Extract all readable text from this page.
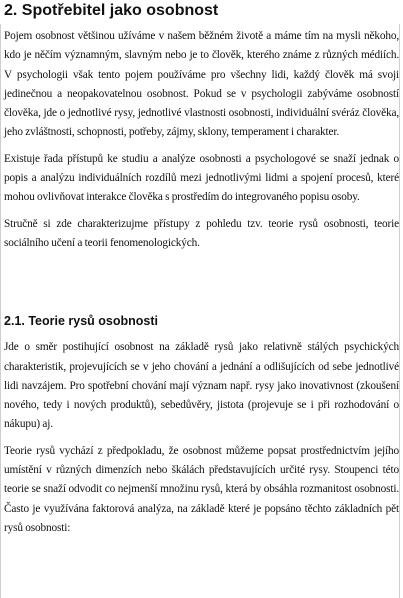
2. Spotřebitel jako osobnost

Pojem osobnost většinou užíváme v našem běžném životě a máme tím na mysli někoho, kdo je něčím významným, slavným nebo je to člověk, kterého známe z různých médiích. V psychologii však tento pojem používáme pro všechny lidi, každý člověk má svoji jedinečnou a neopakovatelnou osobnost. Pokud se v psychologii zabýváme osobností člověka, jde o jednotlivé rysy, jednotlivé vlastnosti osobnosti, individuální svéráz člověka, jeho zvláštnosti, schopnosti, potřeby, zájmy, sklony, temperament i charakter.

Existuje řada přístupů ke studiu a analýze osobnosti a psychologové se snaží jednak o popis a analýzu individuálních rozdílů mezi jednotlivými lidmi a spojení procesů, které mohou ovlivňovat interakce člověka s prostředím do integrovaného popisu osoby.

Stručně si zde charakterizujme přístupy z pohledu tzv. teorie rysů osobnosti, teorie sociálního učení a teorii fenomenologických.

2.1. Teorie rysů osobnosti

Jde o směr postihující osobnost na základě rysů jako relativně stálých psychických charakteristik, projevujících se v jeho chování a jednání a odlišujících od sebe jednotlivé lidi navzájem. Pro spotřební chování mají význam např. rysy jako inovativnost (zkoušení nového, tedy i nových produktů), sebedůvěry, jistota (projevuje se i při rozhodování o nákupu) aj.

Teorie rysů vychází z předpokladu, že osobnost můžeme popsat prostřednictvím jejího umístění v různých dimenzích nebo škálách představujících určité rysy. Stoupenci této teorie se snaží odvodit co nejmenší množinu rysů, která by obsáhla rozmanitost osobnosti. Často je využívána faktorová analýza, na základě které je popsáno těchto základních pět rysů osobnosti:
